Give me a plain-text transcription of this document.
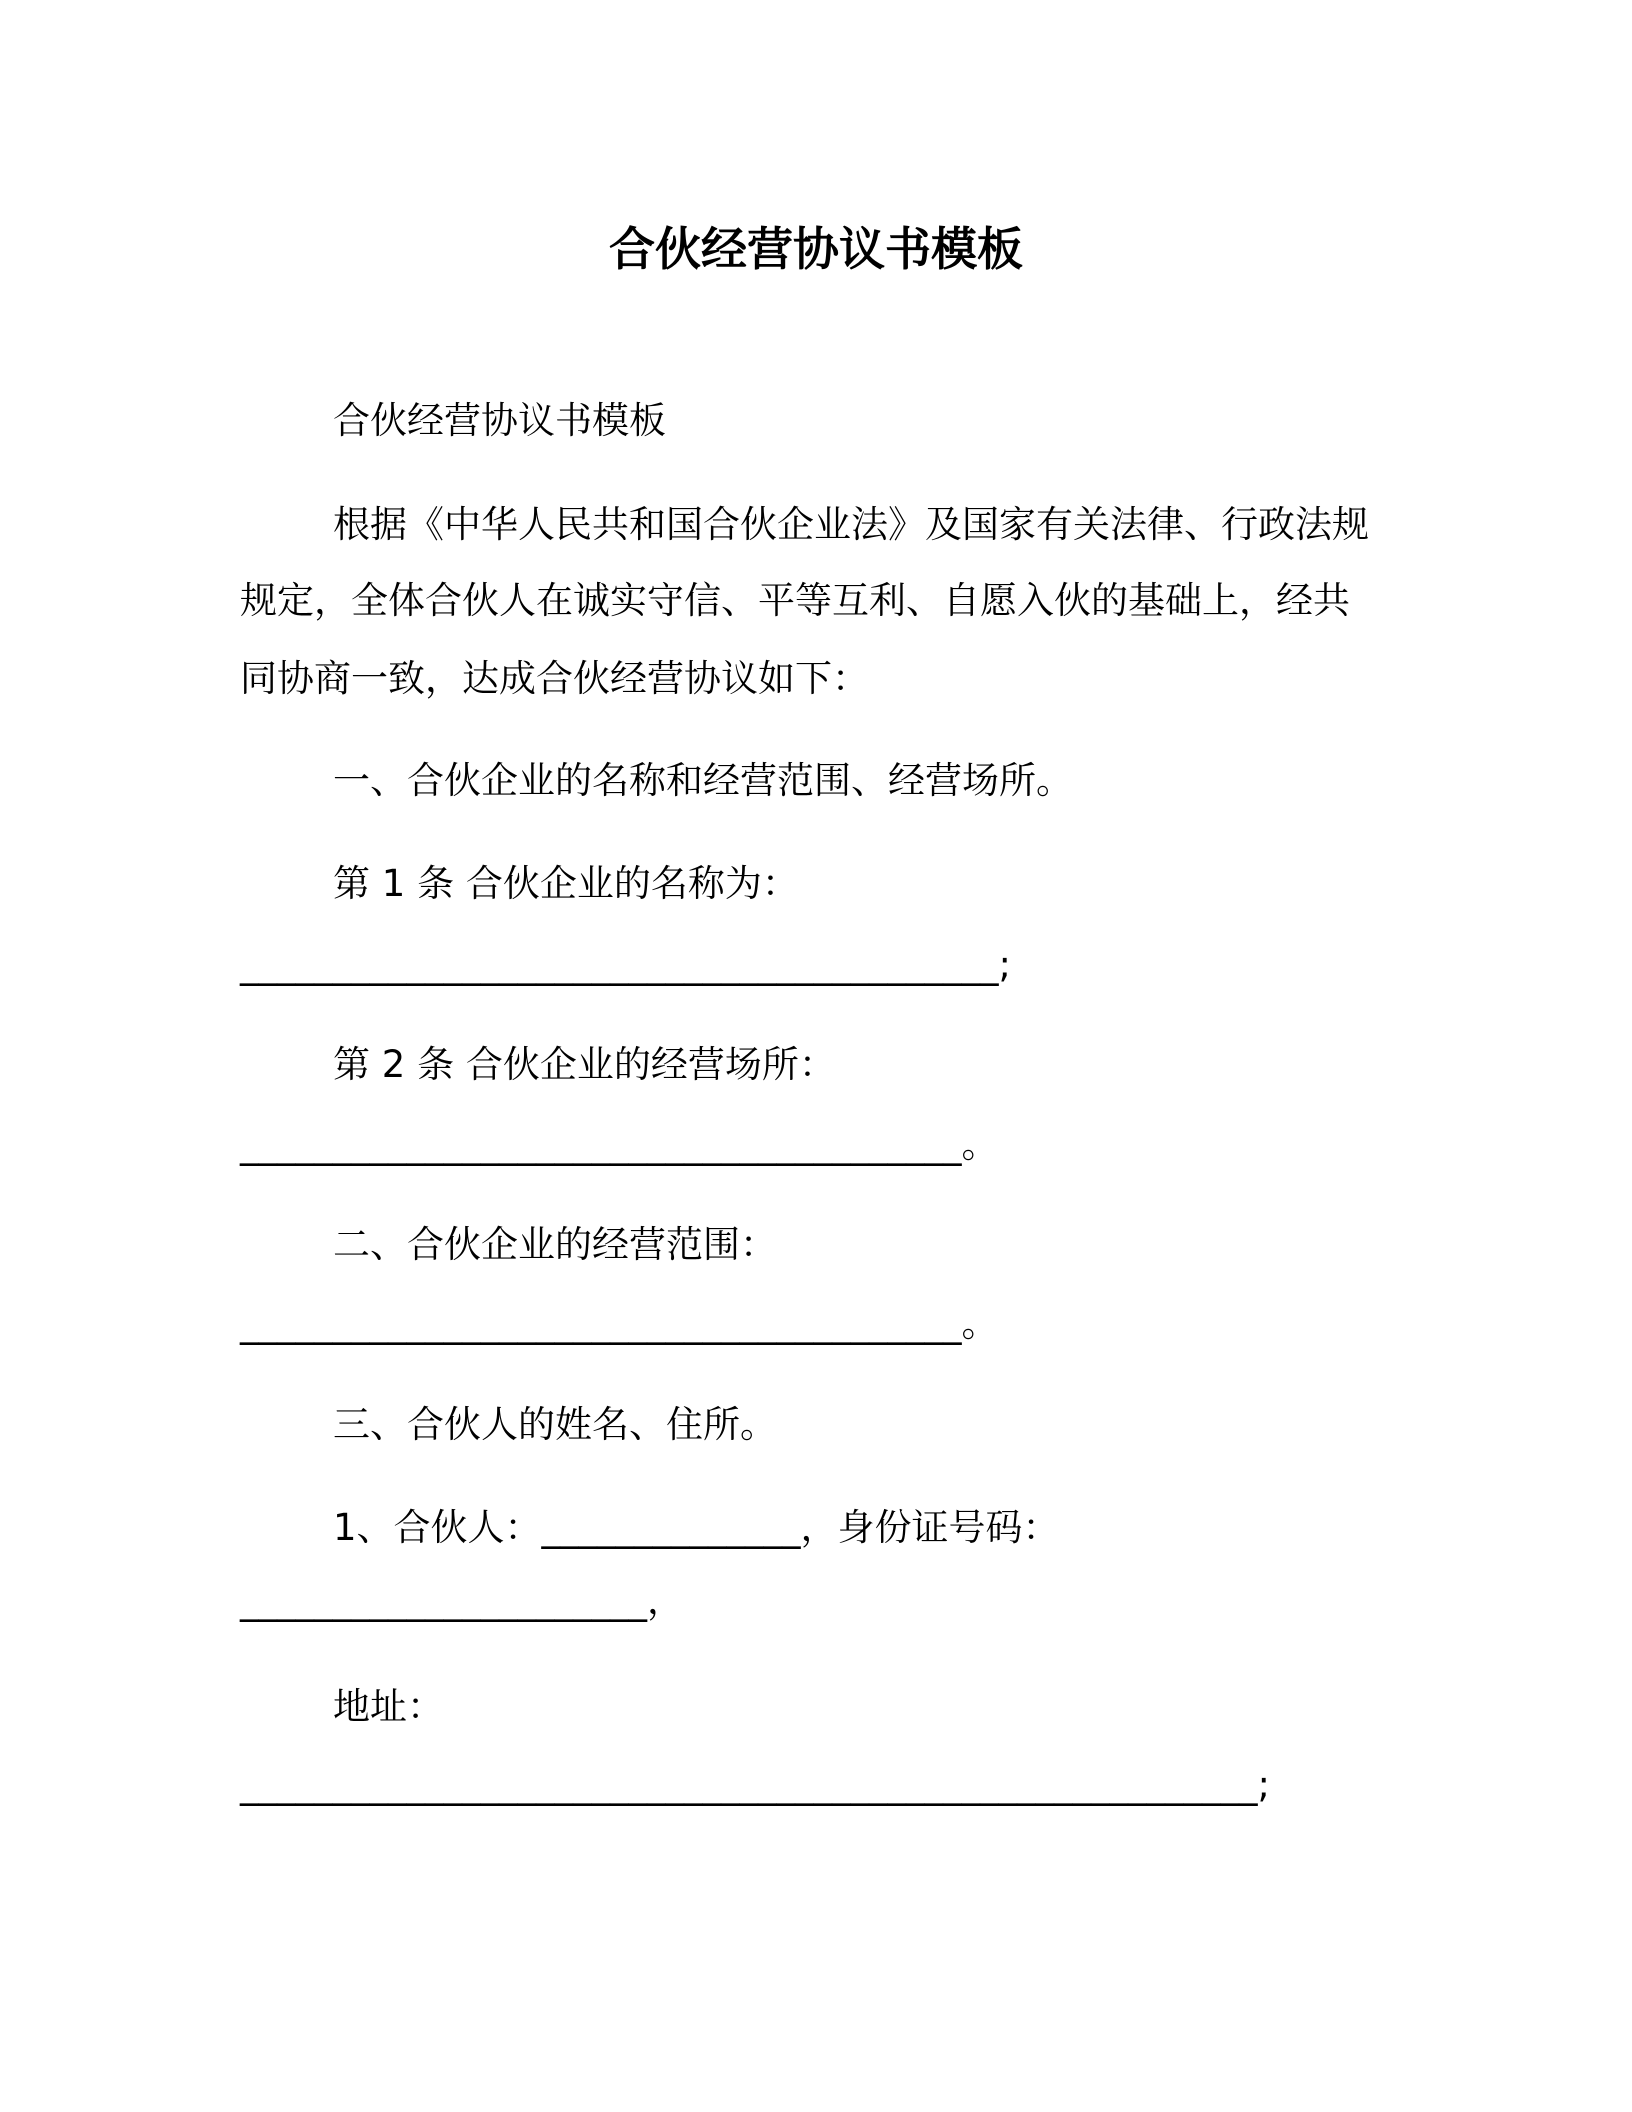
合伙经营协议书模板
合伙经营协议书模板
根据《中华人民共和国合伙企业法》及国家有关法律、行政法规
规定，全体合伙人在诚实守信、平等互利、自愿入伙的基础上，经共
同协商一致，达成合伙经营协议如下：
一、合伙企业的名称和经营范围、经营场所。
第 1 条 合伙企业的名称为：
_________________________________________;
第 2 条 合伙企业的经营场所：
_______________________________________。
二、合伙企业的经营范围：
_______________________________________。
三、合伙人的姓名、住所。
1、合伙人：______________，身份证号码：
______________________，
地址：
_______________________________________________________;
